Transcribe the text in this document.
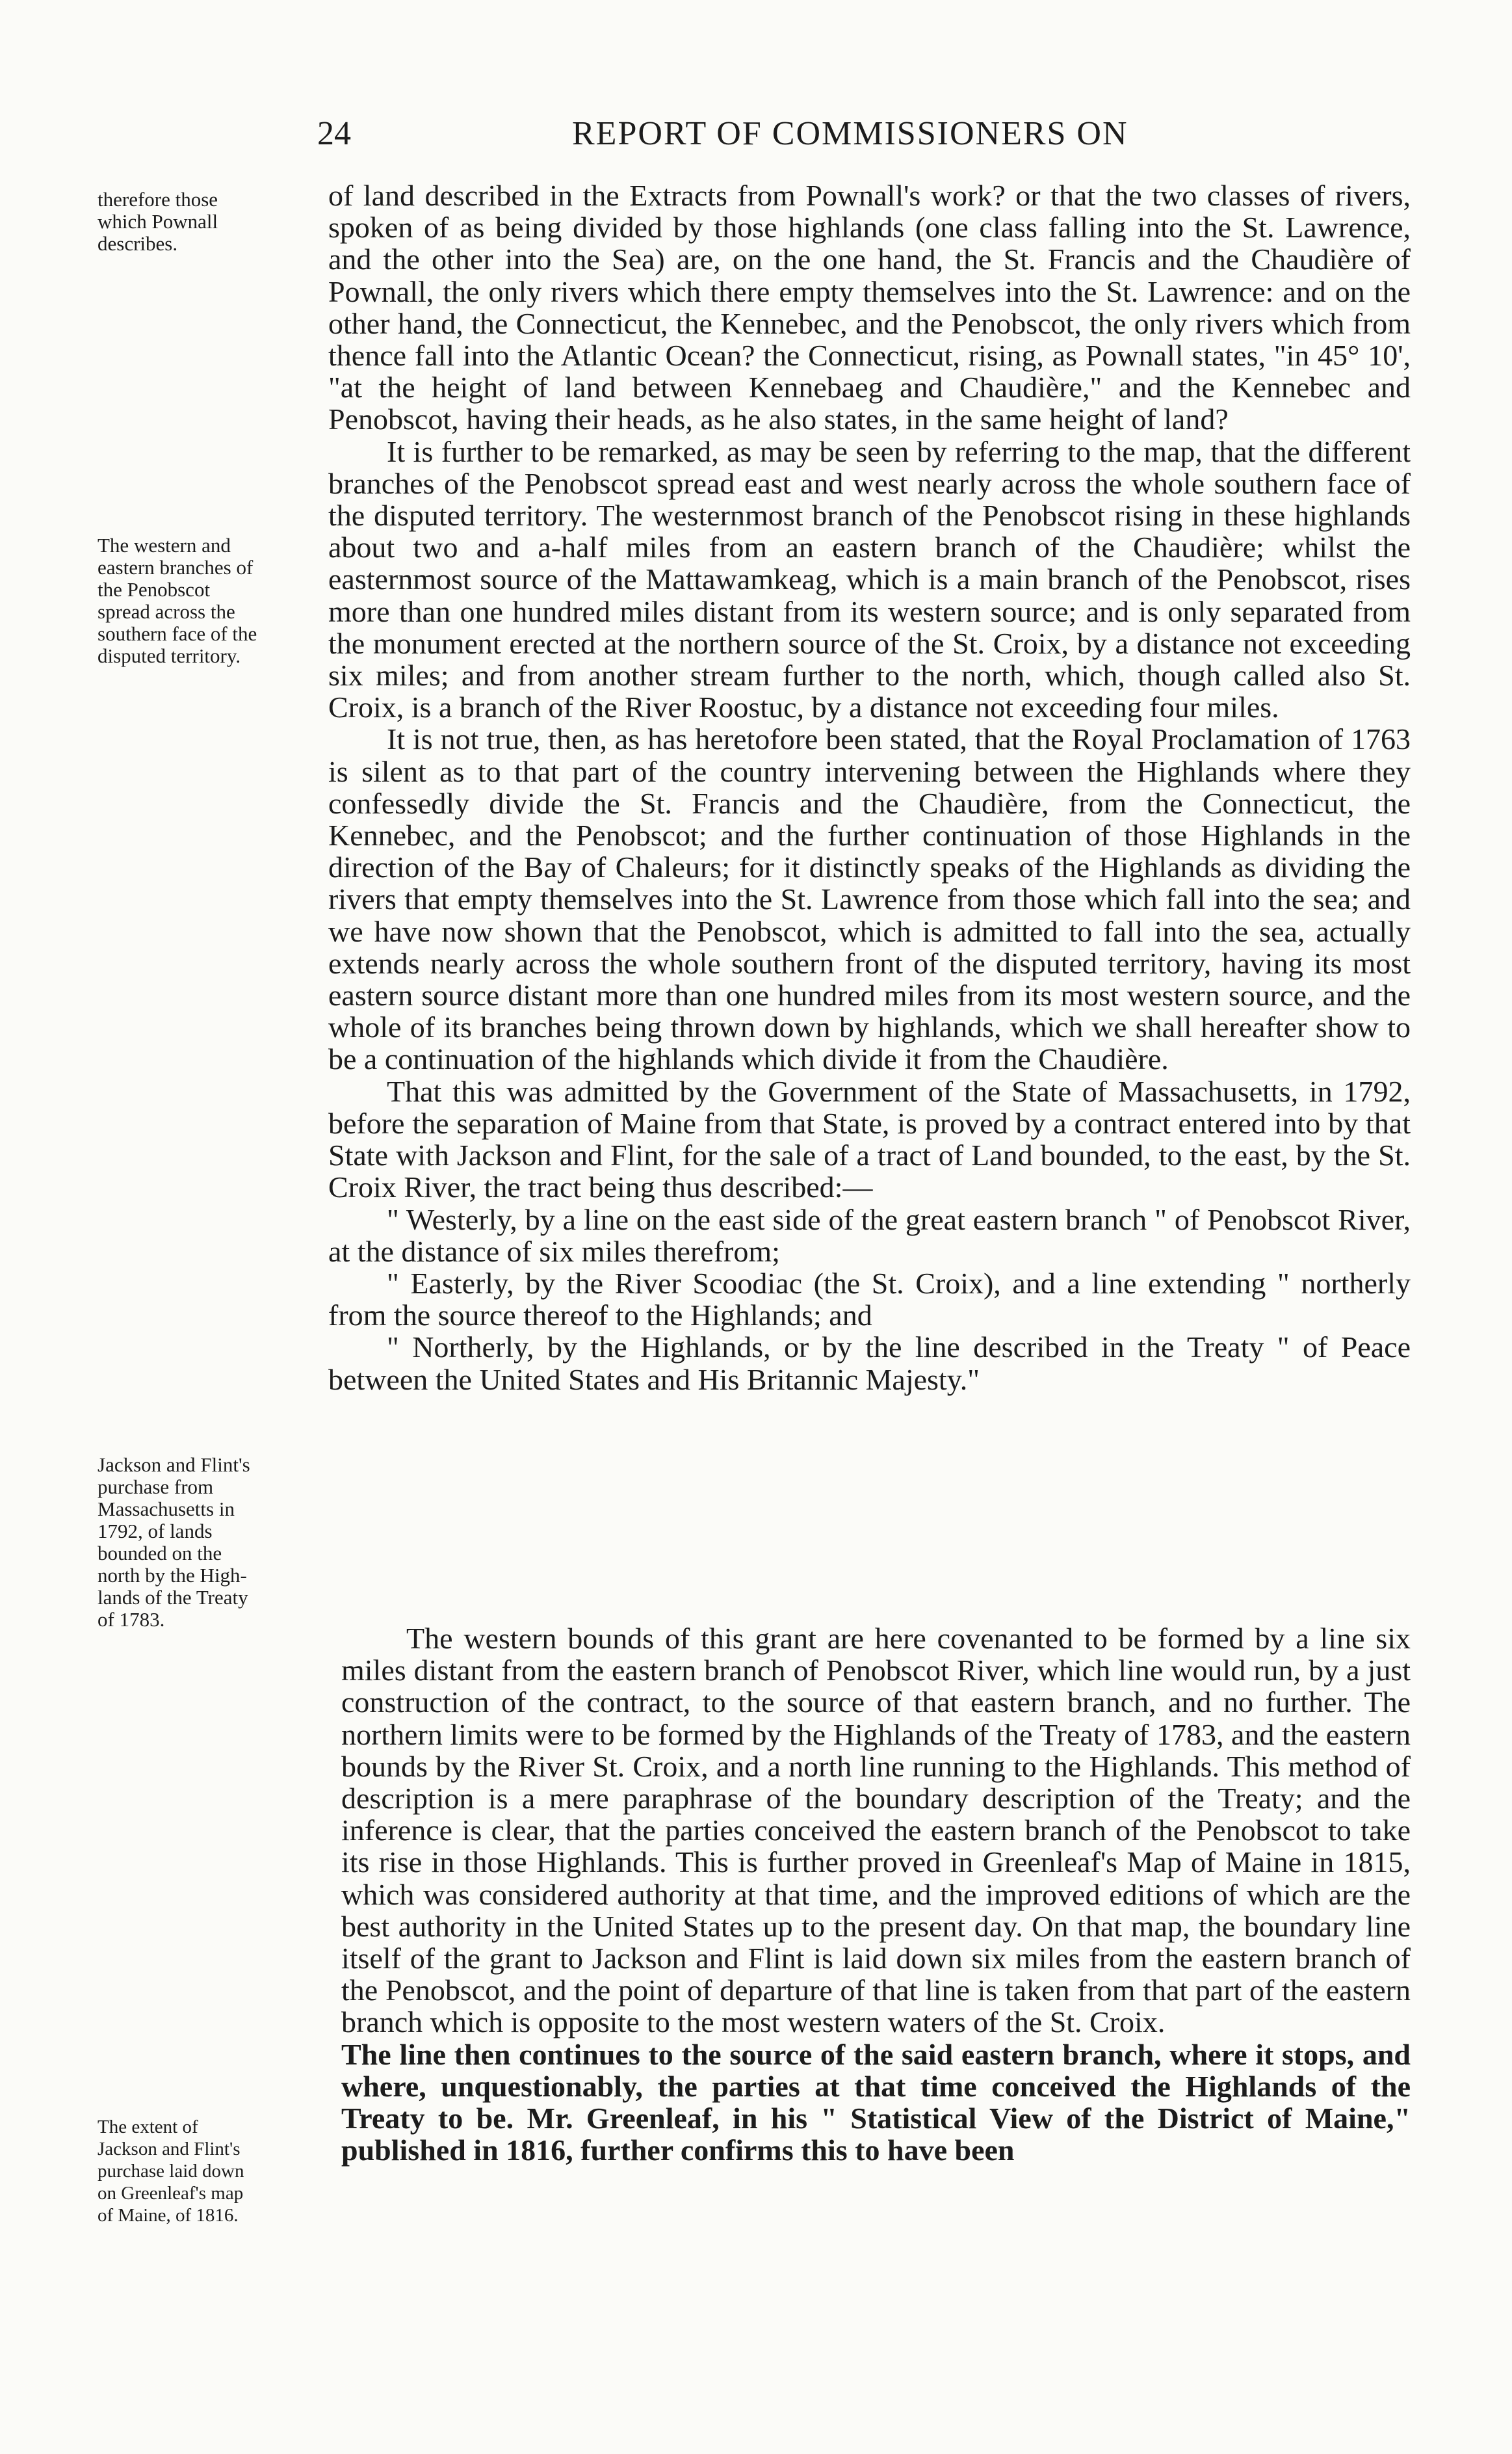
24	REPORT OF COMMISSIONERS ON
therefore those
which Pownall
describes.
The western and
eastern branches of
the Penobscot
spread across the
southern face of the
disputed territory.
Jackson and Flint's
purchase from
Massachusetts in
1792, of lands
bounded on the
north by the High-
lands of the Treaty
of 1783.
The extent of
Jackson and Flint's
purchase laid down
on Greenleaf's map
of Maine, of 1816.

of land described in the Extracts from Pownall's work? or that the two classes of rivers, spoken of as being divided by those highlands (one class falling into the St. Lawrence, and the other into the Sea) are, on the one hand, the St. Francis and the Chaudière of Pownall, the only rivers which there empty themselves into the St. Lawrence: and on the other hand, the Connecticut, the Kennebec, and the Penobscot, the only rivers which from thence fall into the Atlantic Ocean? the Connecticut, rising, as Pownall states, "in 45° 10', "at the height of land between Kennebaeg and Chaudière," and the Kennebec and Penobscot, having their heads, as he also states, in the same height of land?

It is further to be remarked, as may be seen by referring to the map, that the different branches of the Penobscot spread east and west nearly across the whole southern face of the disputed territory. The westernmost branch of the Penobscot rising in these highlands about two and a-half miles from an eastern branch of the Chaudière; whilst the easternmost source of the Mattawamkeag, which is a main branch of the Penobscot, rises more than one hundred miles distant from its western source; and is only separated from the monument erected at the northern source of the St. Croix, by a distance not exceeding six miles; and from another stream further to the north, which, though called also St. Croix, is a branch of the River Roostuc, by a distance not exceeding four miles.

It is not true, then, as has heretofore been stated, that the Royal Proclamation of 1763 is silent as to that part of the country intervening between the Highlands where they confessedly divide the St. Francis and the Chaudière, from the Connecticut, the Kennebec, and the Penobscot; and the further continuation of those Highlands in the direction of the Bay of Chaleurs; for it distinctly speaks of the Highlands as dividing the rivers that empty themselves into the St. Lawrence from those which fall into the sea; and we have now shown that the Penobscot, which is admitted to fall into the sea, actually extends nearly across the whole southern front of the disputed territory, having its most eastern source distant more than one hundred miles from its most western source, and the whole of its branches being thrown down by highlands, which we shall hereafter show to be a continuation of the highlands which divide it from the Chaudière.

That this was admitted by the Government of the State of Massachusetts, in 1792, before the separation of Maine from that State, is proved by a contract entered into by that State with Jackson and Flint, for the sale of a tract of Land bounded, to the east, by the St. Croix River, the tract being thus described:—

" Westerly, by a line on the east side of the great eastern branch " of Penobscot River, at the distance of six miles therefrom;

" Easterly, by the River Scoodiac (the St. Croix), and a line extending " northerly from the source thereof to the Highlands; and

" Northerly, by the Highlands, or by the line described in the Treaty " of Peace between the United States and His Britannic Majesty."

The western bounds of this grant are here covenanted to be formed by a line six miles distant from the eastern branch of Penobscot River, which line would run, by a just construction of the contract, to the source of that eastern branch, and no further. The northern limits were to be formed by the Highlands of the Treaty of 1783, and the eastern bounds by the River St. Croix, and a north line running to the Highlands. This method of description is a mere paraphrase of the boundary description of the Treaty; and the inference is clear, that the parties conceived the eastern branch of the Penobscot to take its rise in those Highlands. This is further proved in Greenleaf's Map of Maine in 1815, which was considered authority at that time, and the improved editions of which are the best authority in the United States up to the present day. On that map, the boundary line itself of the grant to Jackson and Flint is laid down six miles from the eastern branch of the Penobscot, and the point of departure of that line is taken from that part of the eastern branch which is opposite to the most western waters of the St. Croix.

The line then continues to the source of the said eastern branch, where it stops, and where, unquestionably, the parties at that time conceived the Highlands of the Treaty to be. Mr. Greenleaf, in his " Statistical View of the District of Maine," published in 1816, further confirms this to have been
